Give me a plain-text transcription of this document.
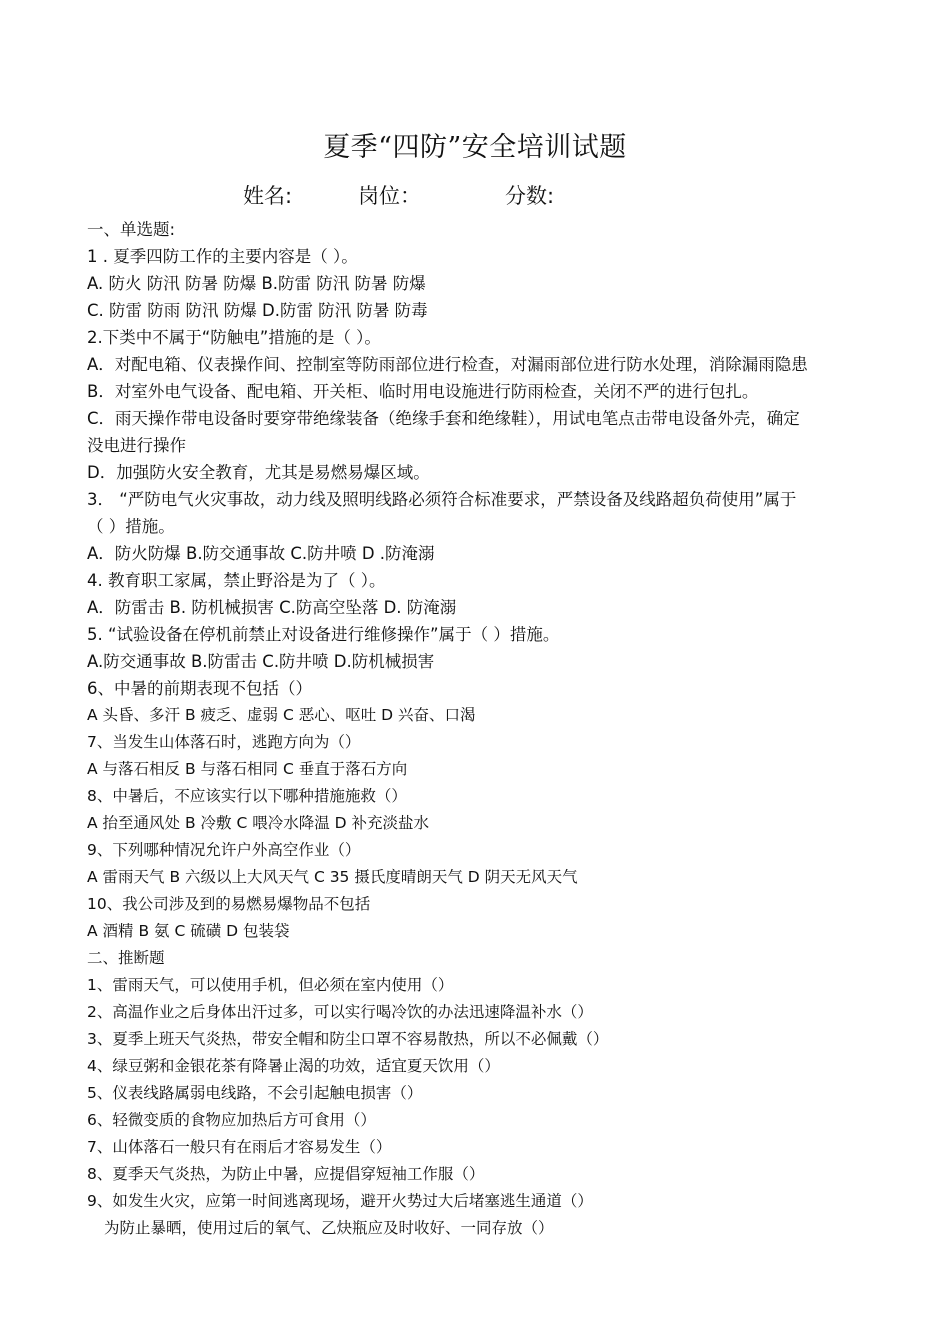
夏季“四防”安全培训试题
姓名:	岗位：	分数:
一、单选题:
1 . 夏季四防工作的主要内容是（ ）。
A. 防火 防汛 防暑 防爆 B.防雷 防汛 防暑 防爆
C. 防雷 防雨 防汛 防爆 D.防雷 防汛 防暑 防毒
2.下类中不属于“防触电”措施的是（ ）。
A．对配电箱、仪表操作间、控制室等防雨部位进行检查，对漏雨部位进行防水处理，消除漏雨隐患
B．对室外电气设备、配电箱、开关柜、临时用电设施进行防雨检查，关闭不严的进行包扎。
C．雨天操作带电设备时要穿带绝缘装备（绝缘手套和绝缘鞋），用试电笔点击带电设备外壳，确定
没电进行操作
D．加强防火安全教育，尤其是易燃易爆区域。
3． “严防电气火灾事故，动力线及照明线路必须符合标准要求，严禁设备及线路超负荷使用”属于
（ ）措施。
A．防火防爆 B.防交通事故 C.防井喷 D .防淹溺
4. 教育职工家属，禁止野浴是为了（ ）。
A．防雷击 B. 防机械损害 C.防高空坠落 D. 防淹溺
5. “试验设备在停机前禁止对设备进行维修操作”属于（ ）措施。
A.防交通事故 B.防雷击 C.防井喷 D.防机械损害
6、中暑的前期表现不包括（）
A 头昏、多汗 B 疲乏、虚弱 C 恶心、呕吐 D 兴奋、口渴
7、当发生山体落石时，逃跑方向为（）
A 与落石相反 B 与落石相同 C 垂直于落石方向
8、中暑后，不应该实行以下哪种措施施救（）
A 抬至通风处 B 冷敷 C 喂冷水降温 D 补充淡盐水
9、下列哪种情况允许户外高空作业（）
A 雷雨天气 B 六级以上大风天气 C 35 摄氏度晴朗天气 D 阴天无风天气
10、我公司涉及到的易燃易爆物品不包括
A 酒精 B 氨 C 硫磺 D 包装袋
二、推断题
1、雷雨天气，可以使用手机，但必须在室内使用（）
2、高温作业之后身体出汗过多，可以实行喝冷饮的办法迅速降温补水（）
3、夏季上班天气炎热，带安全帽和防尘口罩不容易散热，所以不必佩戴（）
4、绿豆粥和金银花茶有降暑止渴的功效，适宜夏天饮用（）
5、仪表线路属弱电线路，不会引起触电损害（）
6、轻微变质的食物应加热后方可食用（）
7、山体落石一般只有在雨后才容易发生（）
8、夏季天气炎热，为防止中暑，应提倡穿短袖工作服（）
9、如发生火灾，应第一时间逃离现场，避开火势过大后堵塞逃生通道（）
为防止暴晒，使用过后的氧气、乙炔瓶应及时收好、一同存放（）
